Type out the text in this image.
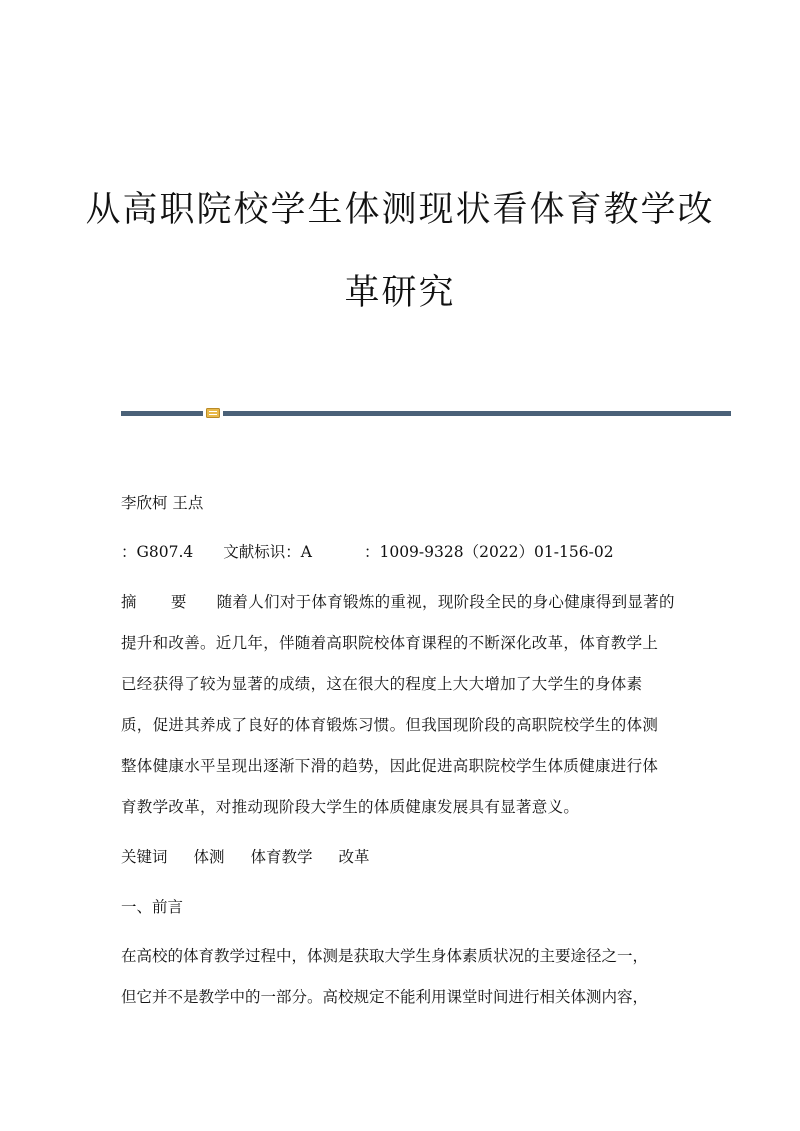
从高职院校学生体测现状看体育教学改
革研究
李欣柯 王点
：G807.4 文献标识：A	：1009-9328（2022）01-156-02
摘 要 随着人们对于体育锻炼的重视，现阶段全民的身心健康得到显著的
提升和改善。近几年，伴随着高职院校体育课程的不断深化改革，体育教学上
已经获得了较为显著的成绩，这在很大的程度上大大增加了大学生的身体素
质，促进其养成了良好的体育锻炼习惯。但我国现阶段的高职院校学生的体测
整体健康水平呈现出逐渐下滑的趋势，因此促进高职院校学生体质健康进行体
育教学改革，对推动现阶段大学生的体质健康发展具有显著意义。
关键词 体测 体育教学 改革
一、前言
在高校的体育教学过程中，体测是获取大学生身体素质状况的主要途径之一，
但它并不是教学中的一部分。高校规定不能利用课堂时间进行相关体测内容，
